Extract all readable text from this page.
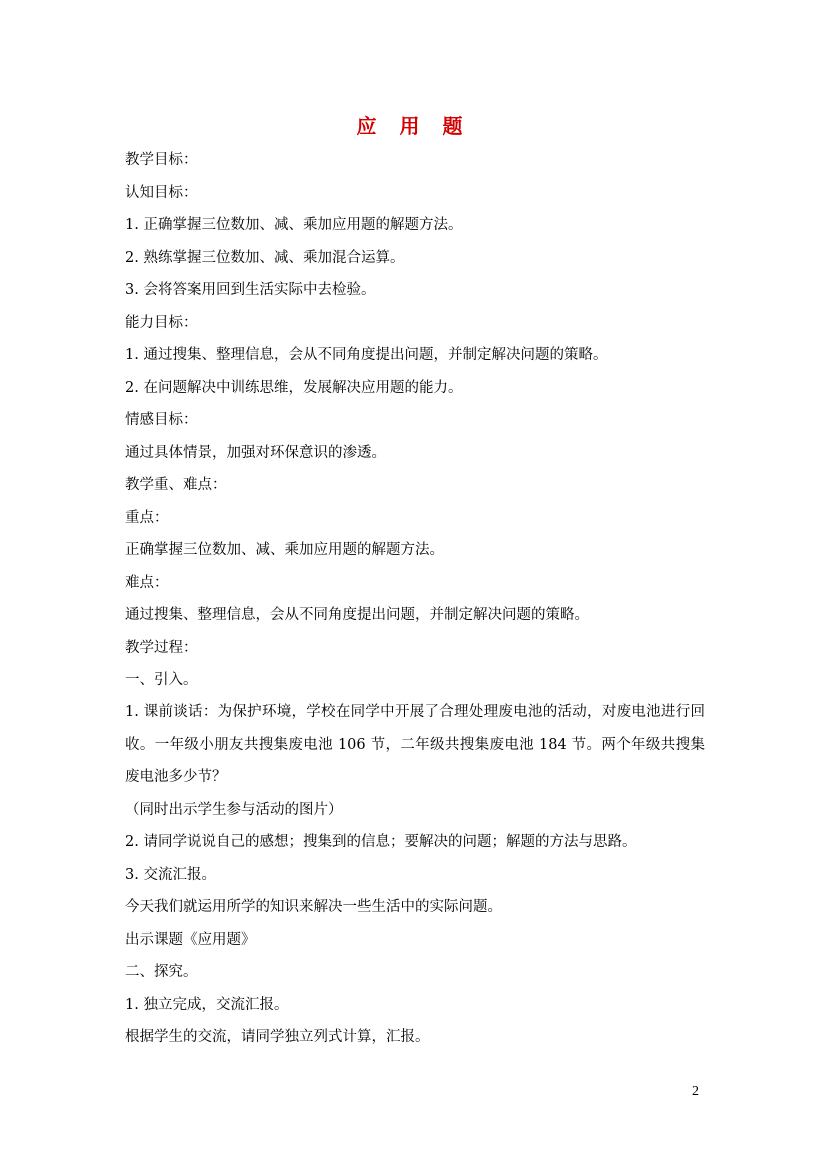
应 用 题
教学目标：
认知目标：
1. 正确掌握三位数加、减、乘加应用题的解题方法。
2. 熟练掌握三位数加、减、乘加混合运算。
3. 会将答案用回到生活实际中去检验。
能力目标：
1. 通过搜集、整理信息，会从不同角度提出问题，并制定解决问题的策略。
2. 在问题解决中训练思维，发展解决应用题的能力。
情感目标：
通过具体情景，加强对环保意识的渗透。
教学重、难点：
重点：
正确掌握三位数加、减、乘加应用题的解题方法。
难点：
通过搜集、整理信息，会从不同角度提出问题，并制定解决问题的策略。
教学过程：
一、引入。
1. 课前谈话：为保护环境，学校在同学中开展了合理处理废电池的活动，对废电池进行回收。一年级小朋友共搜集废电池 106 节，二年级共搜集废电池 184 节。两个年级共搜集废电池多少节？
（同时出示学生参与活动的图片）
2. 请同学说说自己的感想；搜集到的信息；要解决的问题；解题的方法与思路。
3. 交流汇报。
今天我们就运用所学的知识来解决一些生活中的实际问题。
出示课题《应用题》
二、探究。
1. 独立完成，交流汇报。
根据学生的交流，请同学独立列式计算，汇报。
2
